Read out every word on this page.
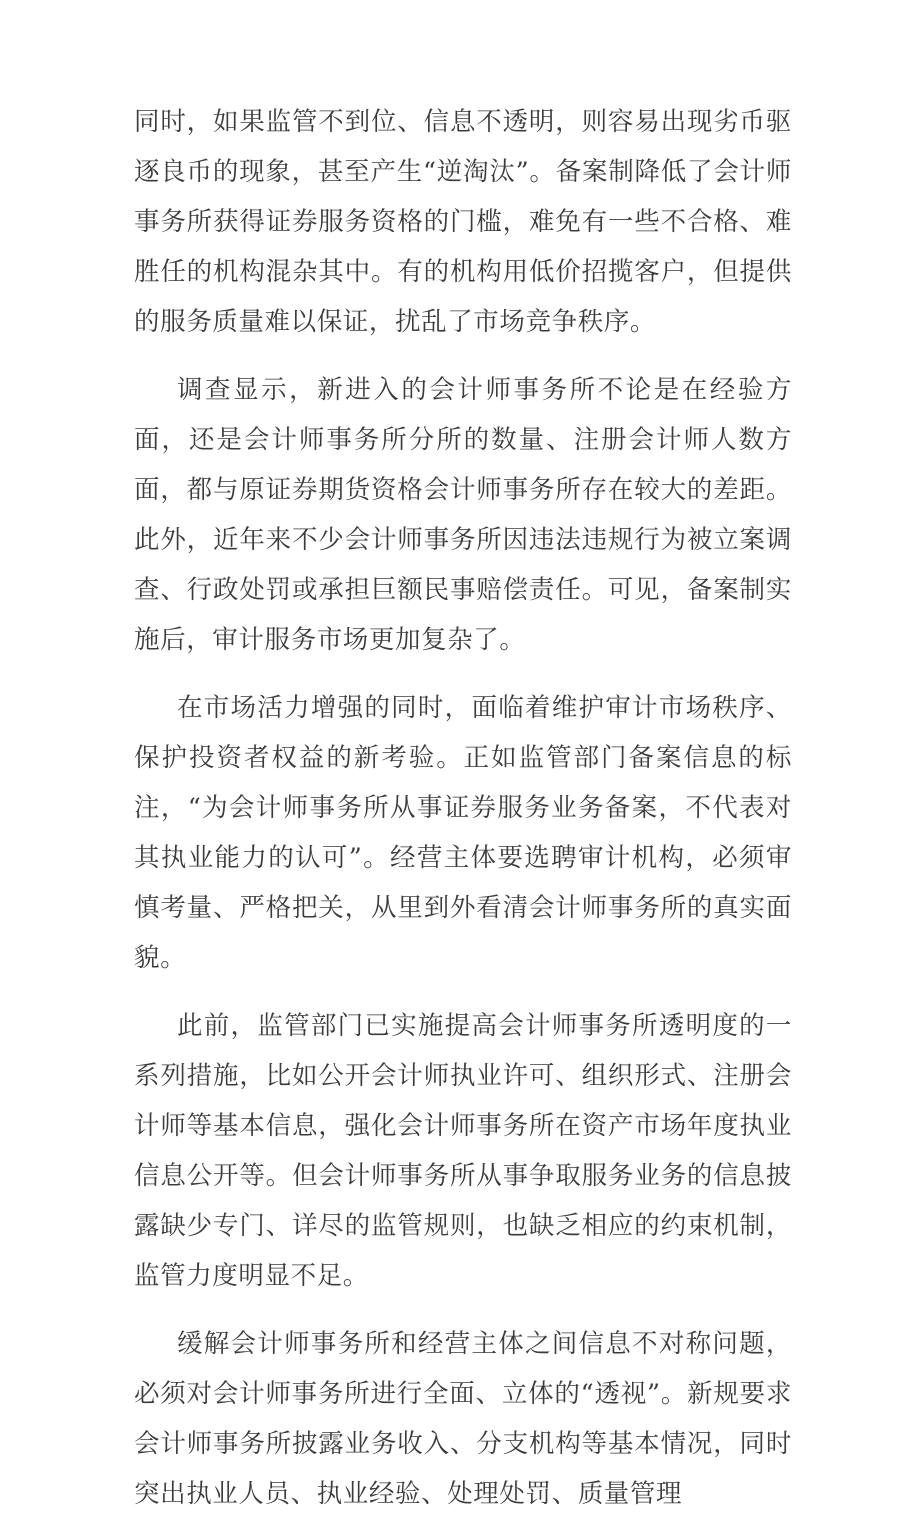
同时，如果监管不到位、信息不透明，则容易出现劣币驱逐良币的现象，甚至产生“逆淘汰”。备案制降低了会计师事务所获得证券服务资格的门槛，难免有一些不合格、难胜任的机构混杂其中。有的机构用低价招揽客户，但提供的服务质量难以保证，扰乱了市场竞争秩序。

调查显示，新进入的会计师事务所不论是在经验方面，还是会计师事务所分所的数量、注册会计师人数方面，都与原证券期货资格会计师事务所存在较大的差距。此外，近年来不少会计师事务所因违法违规行为被立案调查、行政处罚或承担巨额民事赔偿责任。可见，备案制实施后，审计服务市场更加复杂了。

在市场活力增强的同时，面临着维护审计市场秩序、保护投资者权益的新考验。正如监管部门备案信息的标注，“为会计师事务所从事证券服务业务备案，不代表对其执业能力的认可”。经营主体要选聘审计机构，必须审慎考量、严格把关，从里到外看清会计师事务所的真实面貌。

此前，监管部门已实施提高会计师事务所透明度的一系列措施，比如公开会计师执业许可、组织形式、注册会计师等基本信息，强化会计师事务所在资产市场年度执业信息公开等。但会计师事务所从事争取服务业务的信息披露缺少专门、详尽的监管规则，也缺乏相应的约束机制，监管力度明显不足。

缓解会计师事务所和经营主体之间信息不对称问题，必须对会计师事务所进行全面、立体的“透视”。新规要求会计师事务所披露业务收入、分支机构等基本情况，同时突出执业人员、执业经验、处理处罚、质量管理
